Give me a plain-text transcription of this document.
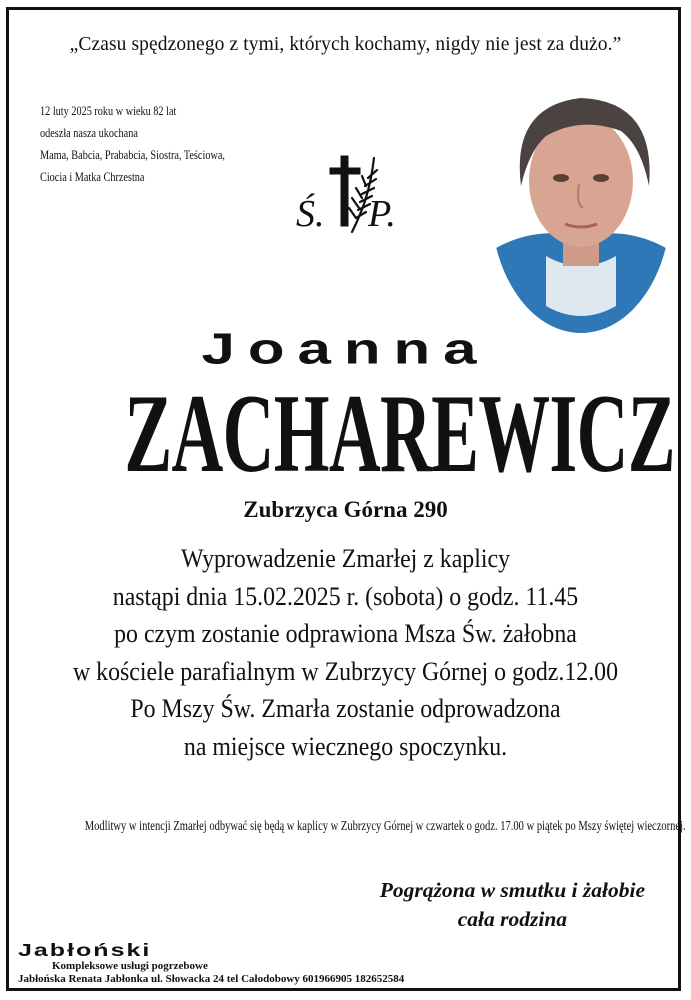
„Czasu spędzonego z tymi, których kochamy, nigdy nie jest za dużo.”
12 luty 2025 roku w wieku 82 lat
odeszła nasza ukochana
Mama, Babcia, Prababcia, Siostra, Teściowa,
Ciocia i Matka Chrzestna
Ś. P.
Joanna
ZACHAREWICZ
Zubrzyca Górna 290
Wyprowadzenie Zmarłej z kaplicy
nastąpi dnia 15.02.2025 r. (sobota) o godz. 11.45
po czym zostanie odprawiona Msza Św. żałobna
w kościele parafialnym w Zubrzycy Górnej o godz.12.00
Po Mszy Św. Zmarła zostanie odprowadzona
na miejsce wiecznego spoczynku.
Modlitwy w intencji Zmarłej odbywać się będą w kaplicy w Zubrzycy Górnej w czwartek o godz. 17.00 w piątek po Mszy świętej wieczornej.
Pogrążona w smutku i żałobie
cała rodzina
Jabłoński
Kompleksowe usługi pogrzebowe
Jabłońska Renata Jabłonka ul. Słowacka 24 tel Całodobowy 601966905 182652584
